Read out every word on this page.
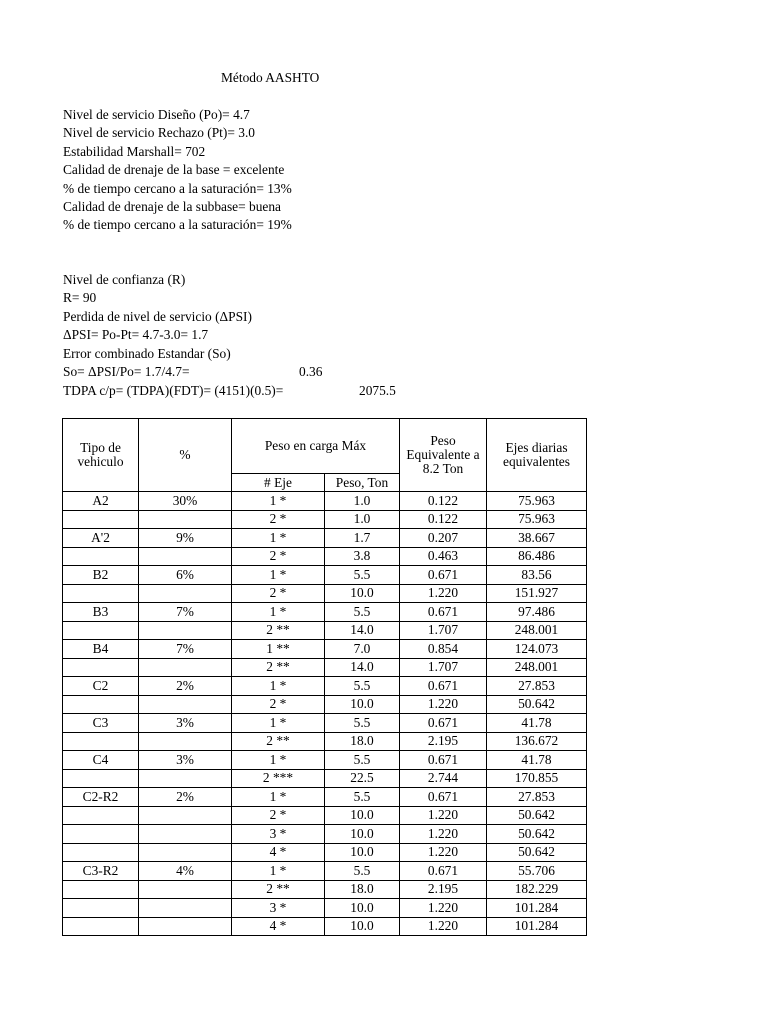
Método AASHTO
Nivel de servicio Diseño (Po)= 4.7
Nivel de servicio Rechazo (Pt)= 3.0
Estabilidad Marshall= 702
Calidad de drenaje de la base = excelente
% de tiempo cercano a la saturación= 13%
Calidad de drenaje de la subbase= buena
% de tiempo cercano a la saturación= 19%
Nivel de confianza (R)
R= 90
Perdida de nivel de servicio (ΔPSI)
ΔPSI= Po-Pt= 4.7-3.0= 1.7
Error combinado Estandar (So)
So= ΔPSI/Po= 1.7/4.7=	0.36
TDPA c/p= (TDPA)(FDT)= (4151)(0.5)=	2075.5
Tipo de vehiculo	%	Peso en carga Máx		Peso Equivalente a 8.2 Ton	Ejes diarias equivalentes
		# Eje	Peso, Ton		
A2	30%	1 *	1.0	0.122	75.963
		2 *	1.0	0.122	75.963
A'2	9%	1 *	1.7	0.207	38.667
		2 *	3.8	0.463	86.486
B2	6%	1 *	5.5	0.671	83.56
		2 *	10.0	1.220	151.927
B3	7%	1 *	5.5	0.671	97.486
		2 **	14.0	1.707	248.001
B4	7%	1 **	7.0	0.854	124.073
		2 **	14.0	1.707	248.001
C2	2%	1 *	5.5	0.671	27.853
		2 *	10.0	1.220	50.642
C3	3%	1 *	5.5	0.671	41.78
		2 **	18.0	2.195	136.672
C4	3%	1 *	5.5	0.671	41.78
		2 ***	22.5	2.744	170.855
C2-R2	2%	1 *	5.5	0.671	27.853
		2 *	10.0	1.220	50.642
		3 *	10.0	1.220	50.642
		4 *	10.0	1.220	50.642
C3-R2	4%	1 *	5.5	0.671	55.706
		2 **	18.0	2.195	182.229
		3 *	10.0	1.220	101.284
		4 *	10.0	1.220	101.284
